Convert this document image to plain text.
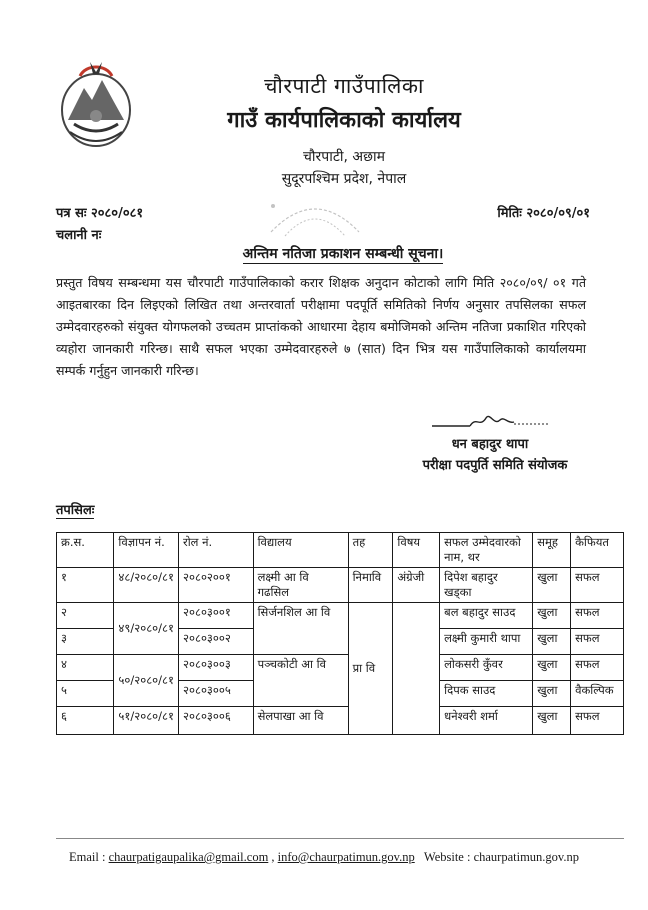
चौरपाटी गाउँपालिका
गाउँ कार्यपालिकाको कार्यालय
चौरपाटी, अछाम
सुदूरपश्चिम प्रदेश, नेपाल
पत्र सः २०८०/०८१
चलानी नः
मितिः २०८०/०९/०१
अन्तिम नतिजा प्रकाशन सम्बन्धी सूचना।
प्रस्तुत विषय सम्बन्धमा यस चौरपाटी गाउँपालिकाको करार शिक्षक अनुदान कोटाको लागि मिति २०८०/०९/ ०१ गते आइतबारका दिन लिइएको लिखित तथा अन्तरवार्ता परीक्षामा पदपूर्ति समितिको निर्णय अनुसार तपसिलका सफल उम्मेदवारहरुको संयुक्त योगफलको उच्चतम प्राप्तांकको आधारमा देहाय बमोजिमको अन्तिम नतिजा प्रकाशित गरिएको व्यहोरा जानकारी गरिन्छ। साथै सफल भएका उम्मेदवारहरुले ७ (सात) दिन भित्र यस गाउँपालिकाको कार्यालयमा सम्पर्क गर्नुहुन जानकारी गरिन्छ।
धन बहादुर थापा
परीक्षा पदपुर्ति समिति संयोजक
तपसिलः
क्र.स.	विज्ञापन नं.	रोल नं.	विद्यालय	तह	विषय	सफल उम्मेदवारको नाम, थर	समूह	कैफियत
१	४८/२०८०/८१	२०८०२००१	लक्ष्मी आ वि गढसिल	निमावि	अंग्रेजी	दिपेश बहादुर खड्का	खुला	सफल
२	४९/२०८०/८१	२०८०३००१	सिर्जनशिल आ वि	प्रा वि		बल बहादुर साउद	खुला	सफल
३		२०८०३००२				लक्ष्मी कुमारी थापा	खुला	सफल
४	५०/२०८०/८१	२०८०३००३	पञ्चकोटी आ वि			लोकसरी कुँवर	खुला	सफल
५		२०८०३००५				दिपक साउद	खुला	वैकल्पिक
६	५१/२०८०/८१	२०८०३००६	सेलपाखा आ वि			धनेश्वरी शर्मा	खुला	सफल
Email : chaurpatigaupalika@gmail.com , info@chaurpatimun.gov.np Website : chaurpatimun.gov.np
